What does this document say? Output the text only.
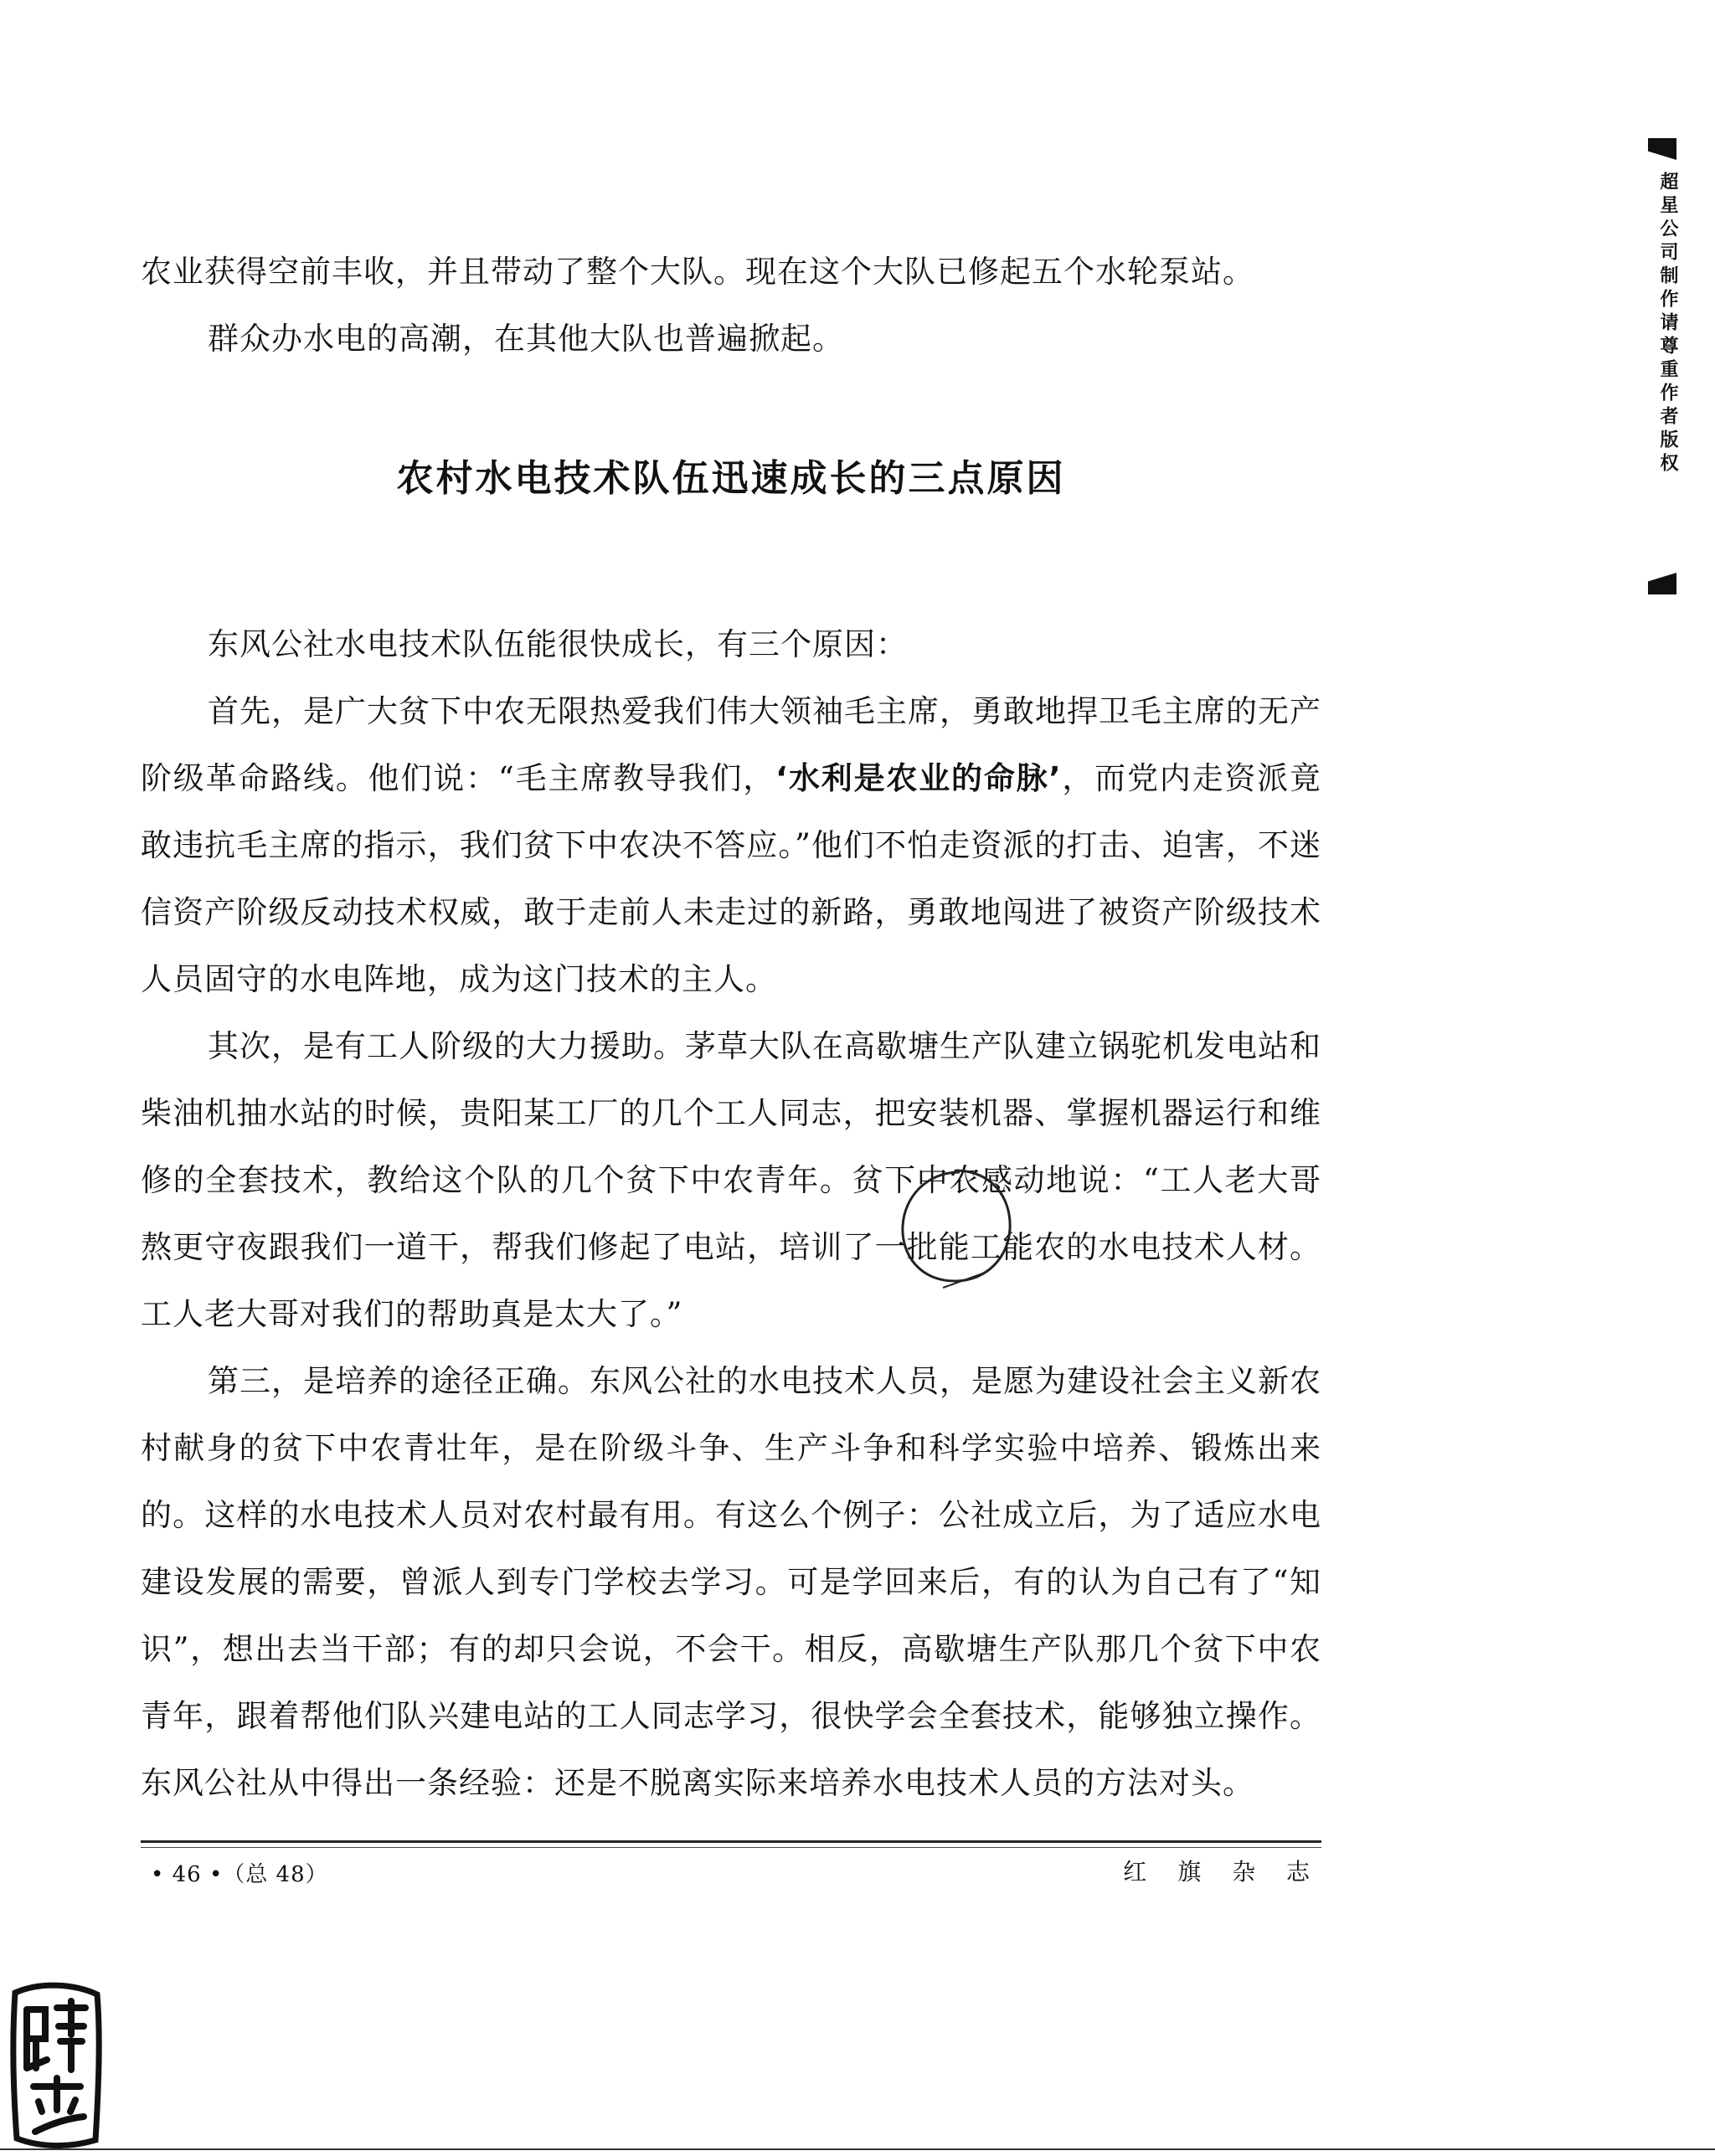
农业获得空前丰收，并且带动了整个大队。现在这个大队已修起五个水轮泵站。

群众办水电的高潮，在其他大队也普遍掀起。

农村水电技术队伍迅速成长的三点原因

东风公社水电技术队伍能很快成长，有三个原因：

首先，是广大贫下中农无限热爱我们伟大领袖毛主席，勇敢地捍卫毛主席的无产阶级革命路线。他们说：“毛主席教导我们，‘水利是农业的命脉’，而党内走资派竟敢违抗毛主席的指示，我们贫下中农决不答应。”他们不怕走资派的打击、迫害，不迷信资产阶级反动技术权威，敢于走前人未走过的新路，勇敢地闯进了被资产阶级技术人员固守的水电阵地，成为这门技术的主人。

其次，是有工人阶级的大力援助。茅草大队在高歇塘生产队建立锅驼机发电站和柴油机抽水站的时候，贵阳某工厂的几个工人同志，把安装机器、掌握机器运行和维修的全套技术，教给这个队的几个贫下中农青年。贫下中农感动地说：“工人老大哥熬更守夜跟我们一道干，帮我们修起了电站，培训了一批能工能农的水电技术人材。工人老大哥对我们的帮助真是太大了。”

第三，是培养的途径正确。东风公社的水电技术人员，是愿为建设社会主义新农村献身的贫下中农青壮年，是在阶级斗争、生产斗争和科学实验中培养、锻炼出来的。这样的水电技术人员对农村最有用。有这么个例子：公社成立后，为了适应水电建设发展的需要，曾派人到专门学校去学习。可是学回来后，有的认为自己有了“知识”，想出去当干部；有的却只会说，不会干。相反，高歇塘生产队那几个贫下中农青年，跟着帮他们队兴建电站的工人同志学习，很快学会全套技术，能够独立操作。东风公社从中得出一条经验：还是不脱离实际来培养水电技术人员的方法对头。

• 46 •（总 48）	红 旗 杂 志
超星公司制作请尊重作者版权
